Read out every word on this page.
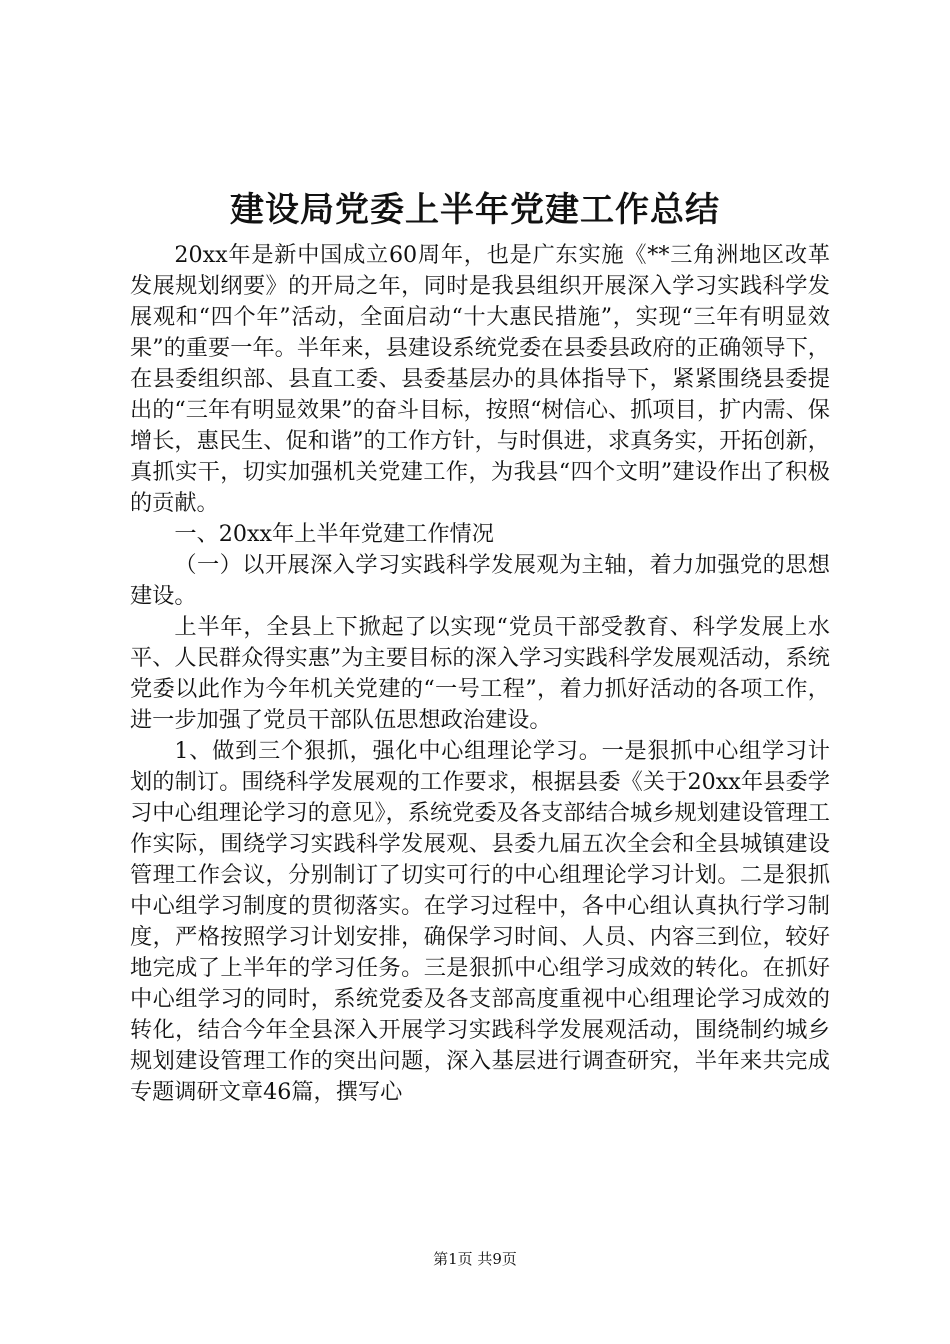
建设局党委上半年党建工作总结

20xx年是新中国成立60周年，也是广东实施《**三角洲地区改革发展规划纲要》的开局之年，同时是我县组织开展深入学习实践科学发展观和“四个年”活动，全面启动“十大惠民措施”，实现“三年有明显效果”的重要一年。半年来，县建设系统党委在县委县政府的正确领导下，在县委组织部、县直工委、县委基层办的具体指导下，紧紧围绕县委提出的“三年有明显效果”的奋斗目标，按照“树信心、抓项目，扩内需、保增长，惠民生、促和谐”的工作方针，与时俱进，求真务实，开拓创新，真抓实干，切实加强机关党建工作，为我县“四个文明”建设作出了积极的贡献。

一、20xx年上半年党建工作情况

（一）以开展深入学习实践科学发展观为主轴，着力加强党的思想建设。

上半年，全县上下掀起了以实现“党员干部受教育、科学发展上水平、人民群众得实惠”为主要目标的深入学习实践科学发展观活动，系统党委以此作为今年机关党建的“一号工程”，着力抓好活动的各项工作，进一步加强了党员干部队伍思想政治建设。

1、做到三个狠抓，强化中心组理论学习。一是狠抓中心组学习计划的制订。围绕科学发展观的工作要求，根据县委《关于20xx年县委学习中心组理论学习的意见》，系统党委及各支部结合城乡规划建设管理工作实际，围绕学习实践科学发展观、县委九届五次全会和全县城镇建设管理工作会议，分别制订了切实可行的中心组理论学习计划。二是狠抓中心组学习制度的贯彻落实。在学习过程中，各中心组认真执行学习制度，严格按照学习计划安排，确保学习时间、人员、内容三到位，较好地完成了上半年的学习任务。三是狠抓中心组学习成效的转化。在抓好中心组学习的同时，系统党委及各支部高度重视中心组理论学习成效的转化，结合今年全县深入开展学习实践科学发展观活动，围绕制约城乡规划建设管理工作的突出问题，深入基层进行调查研究，半年来共完成专题调研文章46篇，撰写心

第1页 共9页
